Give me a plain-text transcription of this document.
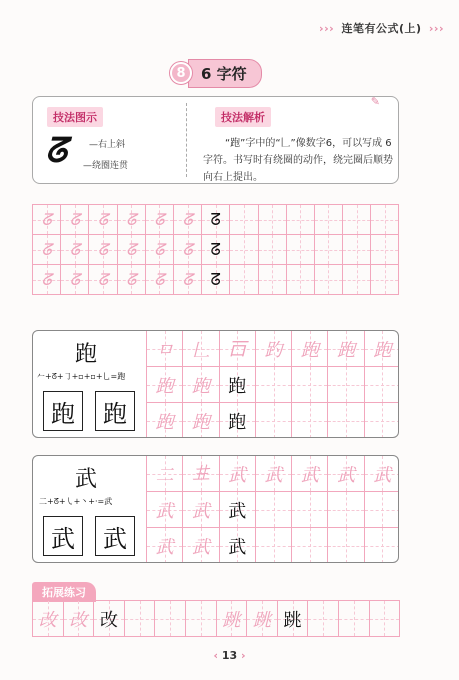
››› 连笔有公式(上) ›››
8	6 字符
技法图示	技法解析
✎
ᘔ —右上斜
—绕圈连贯
“跑”字中的“𠃊”像数字6，可以写成 6 字符。书写时有绕圈的动作，绕完圈后顺势向右上提出。
ᘔ ᘔ ᘔ ᘔ ᘔ ᘔ ᘔ
ᘔ ᘔ ᘔ ᘔ ᘔ ᘔ ᘔ
ᘔ ᘔ ᘔ ᘔ ᘔ ᘔ ᘔ
跑
𠂉+ᘔ+㇆+▫+▫+乚=跑
跑	跑
ㅁ 𠃊 𠮛 趵 跑 跑 跑
跑 跑 跑
跑 跑 跑
武
二+ᘔ+㇂+丶+·=武
武	武
二 𠀎 武 武 武 武 武
武 武 武
武 武 武
拓展练习
改 改 改	跳 跳 跳
‹ 13 ›
